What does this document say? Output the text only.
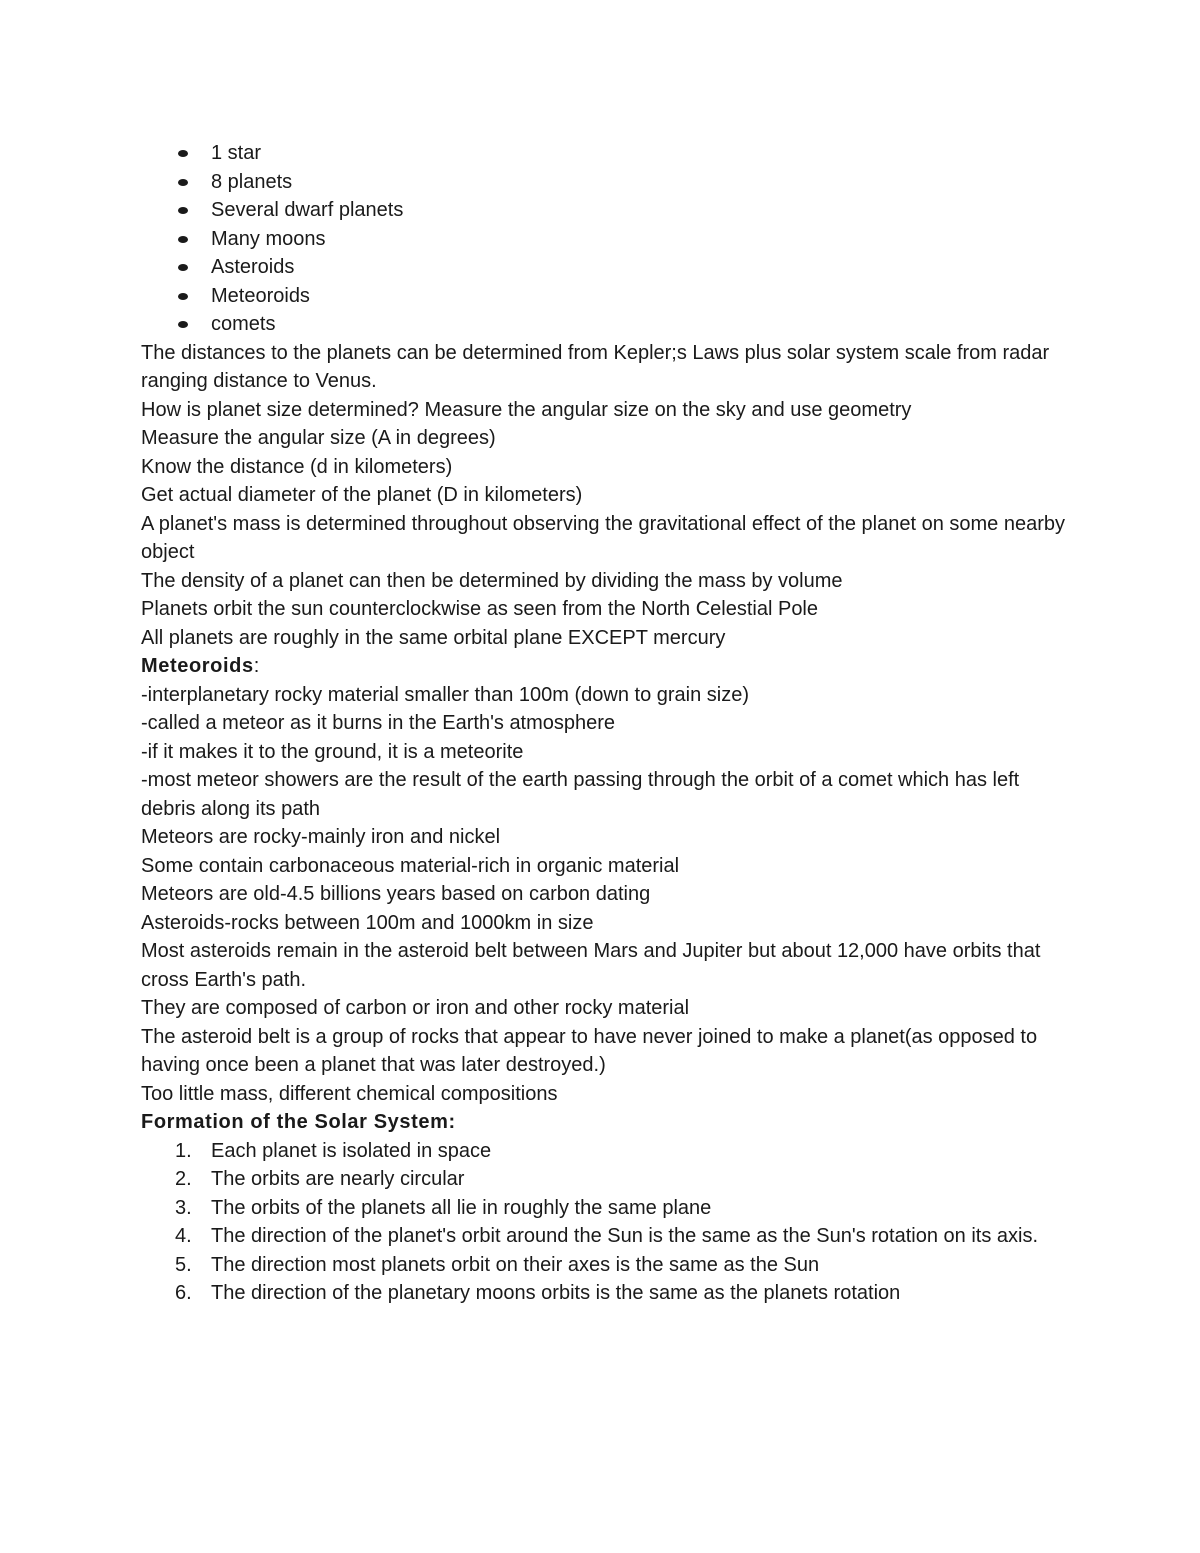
1 star
8 planets
Several dwarf planets
Many moons
Asteroids
Meteoroids
comets

The distances to the planets can be determined from Kepler;s Laws plus solar system scale from radar ranging distance to Venus.

How is planet size determined? Measure the angular size on the sky and use geometry

Measure the angular size (A in degrees)

Know the distance (d in kilometers)

Get actual diameter of the planet (D in kilometers)

A planet's mass is determined throughout observing the gravitational effect of the planet on some nearby object

The density of a planet can then be determined by dividing the mass by volume

Planets orbit the sun counterclockwise as seen from the North Celestial Pole

All planets are roughly in the same orbital plane EXCEPT mercury

Meteoroids:

-interplanetary rocky material smaller than 100m (down to grain size)

-called a meteor as it burns in the Earth's atmosphere

-if it makes it to the ground, it is a meteorite

-most meteor showers are the result of the earth passing through the orbit of a comet which has left debris along its path

Meteors are rocky-mainly iron and nickel

Some contain carbonaceous material-rich in organic material

Meteors are old-4.5 billions years based on carbon dating

Asteroids-rocks between 100m and 1000km in size

Most asteroids remain in the asteroid belt between Mars and Jupiter but about 12,000 have orbits that cross Earth's path.

They are composed of carbon or iron and other rocky material

The asteroid belt is a group of rocks that appear to have never joined to make a planet(as opposed to having once been a planet that was later destroyed.)

Too little mass, different chemical compositions

Formation of the Solar System:

1. Each planet is isolated in space
2. The orbits are nearly circular
3. The orbits of the planets all lie in roughly the same plane
4. The direction of the planet's orbit around the Sun is the same as the Sun's rotation on its axis.
5. The direction most planets orbit on their axes is the same as the Sun
6. The direction of the planetary moons orbits is the same as the planets rotation
